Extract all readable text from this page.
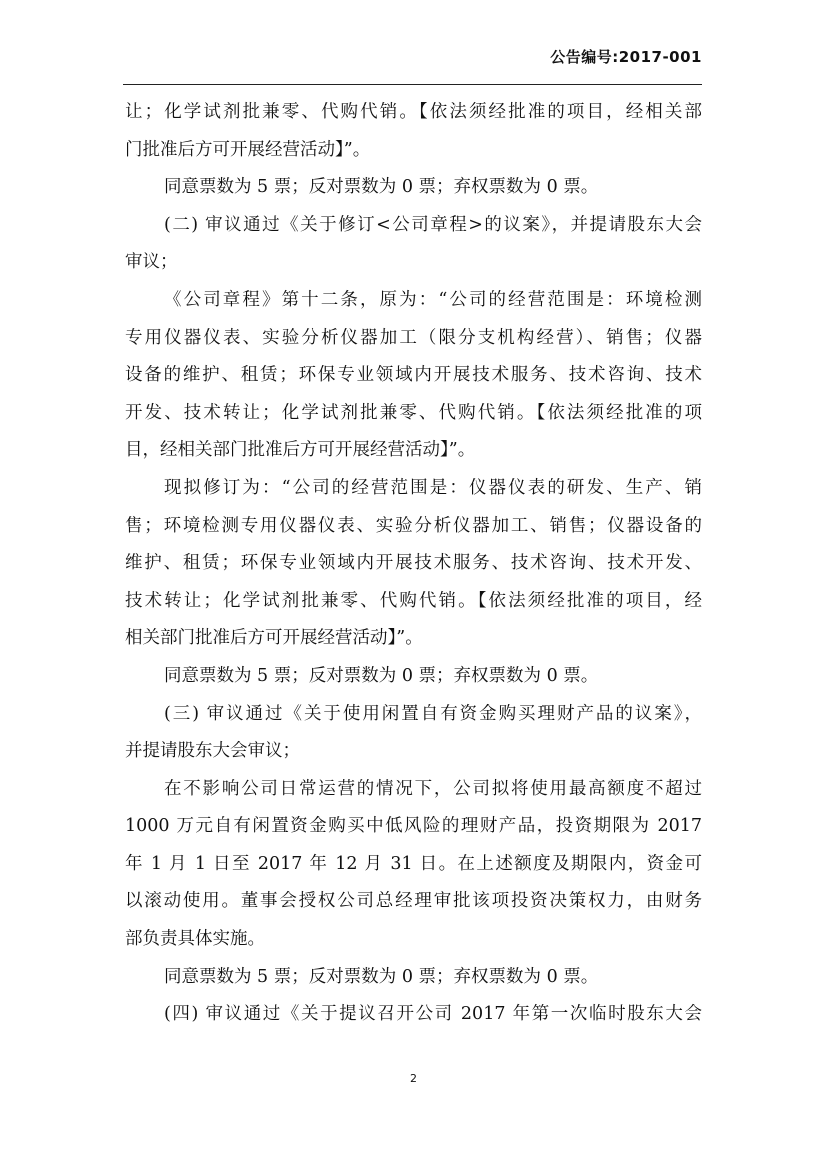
公告编号:2017-001
让；化学试剂批兼零、代购代销。【依法须经批准的项目，经相关部
门批准后方可开展经营活动】”。
同意票数为 5 票；反对票数为 0 票；弃权票数为 0 票。
(二) 审议通过《关于修订<公司章程>的议案》，并提请股东大会
审议；
《公司章程》第十二条，原为：“公司的经营范围是：环境检测
专用仪器仪表、实验分析仪器加工（限分支机构经营）、销售；仪器
设备的维护、租赁；环保专业领域内开展技术服务、技术咨询、技术
开发、技术转让；化学试剂批兼零、代购代销。【依法须经批准的项
目，经相关部门批准后方可开展经营活动】”。
现拟修订为：“公司的经营范围是：仪器仪表的研发、生产、销
售；环境检测专用仪器仪表、实验分析仪器加工、销售；仪器设备的
维护、租赁；环保专业领域内开展技术服务、技术咨询、技术开发、
技术转让；化学试剂批兼零、代购代销。【依法须经批准的项目，经
相关部门批准后方可开展经营活动】”。
同意票数为 5 票；反对票数为 0 票；弃权票数为 0 票。
(三) 审议通过《关于使用闲置自有资金购买理财产品的议案》，
并提请股东大会审议；
在不影响公司日常运营的情况下，公司拟将使用最高额度不超过
1000 万元自有闲置资金购买中低风险的理财产品，投资期限为 2017
年 1 月 1 日至 2017 年 12 月 31 日。在上述额度及期限内，资金可
以滚动使用。董事会授权公司总经理审批该项投资决策权力，由财务
部负责具体实施。
同意票数为 5 票；反对票数为 0 票；弃权票数为 0 票。
(四) 审议通过《关于提议召开公司 2017 年第一次临时股东大会
2
